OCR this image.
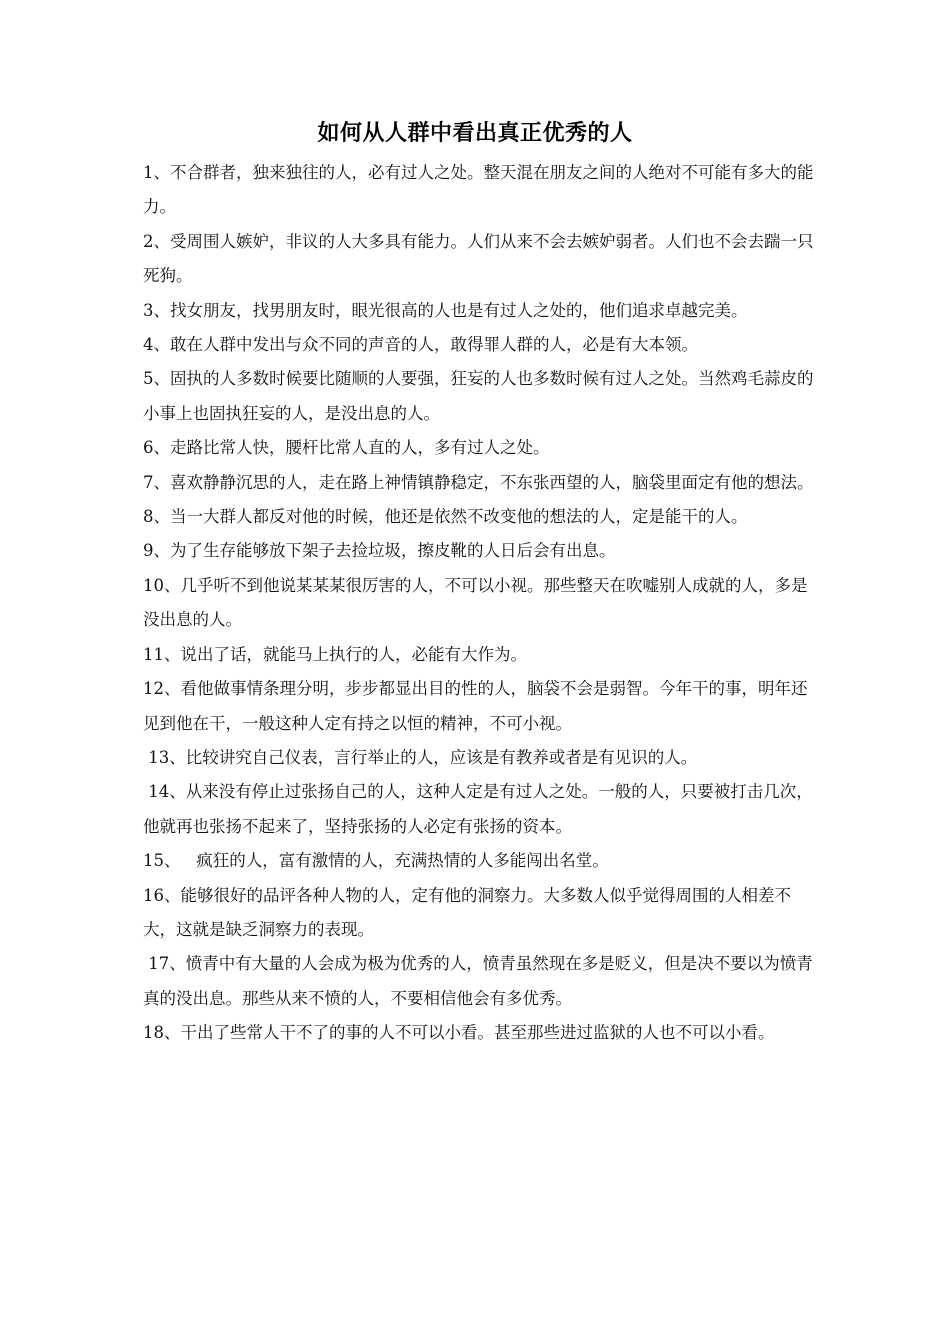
如何从人群中看出真正优秀的人

1、不合群者，独来独往的人，必有过人之处。整天混在朋友之间的人绝对不可能有多大的能力。

2、受周围人嫉妒，非议的人大多具有能力。人们从来不会去嫉妒弱者。人们也不会去踹一只死狗。

3、找女朋友，找男朋友时，眼光很高的人也是有过人之处的，他们追求卓越完美。

4、敢在人群中发出与众不同的声音的人，敢得罪人群的人，必是有大本领。

5、固执的人多数时候要比随顺的人要强，狂妄的人也多数时候有过人之处。当然鸡毛蒜皮的小事上也固执狂妄的人，是没出息的人。

6、走路比常人快，腰杆比常人直的人，多有过人之处。

7、喜欢静静沉思的人，走在路上神情镇静稳定，不东张西望的人，脑袋里面定有他的想法。

8、当一大群人都反对他的时候，他还是依然不改变他的想法的人，定是能干的人。

9、为了生存能够放下架子去捡垃圾，擦皮靴的人日后会有出息。

10、几乎听不到他说某某某很厉害的人，不可以小视。那些整天在吹嘘别人成就的人，多是没出息的人。

11、说出了话，就能马上执行的人，必能有大作为。

12、看他做事情条理分明，步步都显出目的性的人，脑袋不会是弱智。今年干的事，明年还见到他在干，一般这种人定有持之以恒的精神，不可小视。

13、比较讲究自己仪表，言行举止的人，应该是有教养或者是有见识的人。

14、从来没有停止过张扬自己的人，这种人定是有过人之处。一般的人，只要被打击几次，他就再也张扬不起来了，坚持张扬的人必定有张扬的资本。

15、   疯狂的人，富有激情的人，充满热情的人多能闯出名堂。

16、能够很好的品评各种人物的人，定有他的洞察力。大多数人似乎觉得周围的人相差不大，这就是缺乏洞察力的表现。

17、愤青中有大量的人会成为极为优秀的人，愤青虽然现在多是贬义，但是决不要以为愤青真的没出息。那些从来不愤的人，不要相信他会有多优秀。

18、干出了些常人干不了的事的人不可以小看。甚至那些进过监狱的人也不可以小看。
